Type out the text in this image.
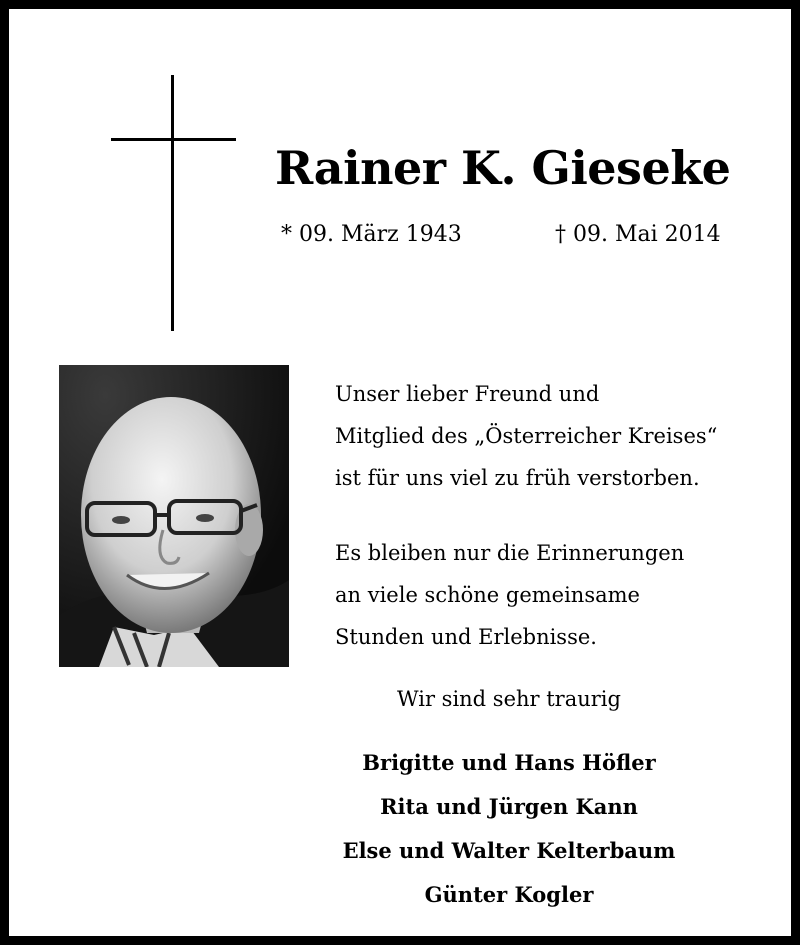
Rainer K. Gieseke
* 09. März 1943	† 09. Mai 2014
Unser lieber Freund und
Mitglied des „Österreicher Kreises“
ist für uns viel zu früh verstorben.
Es bleiben nur die Erinnerungen
an viele schöne gemeinsame
Stunden und Erlebnisse.
Wir sind sehr traurig
Brigitte und Hans Höfler
Rita und Jürgen Kann
Else und Walter Kelterbaum
Günter Kogler
